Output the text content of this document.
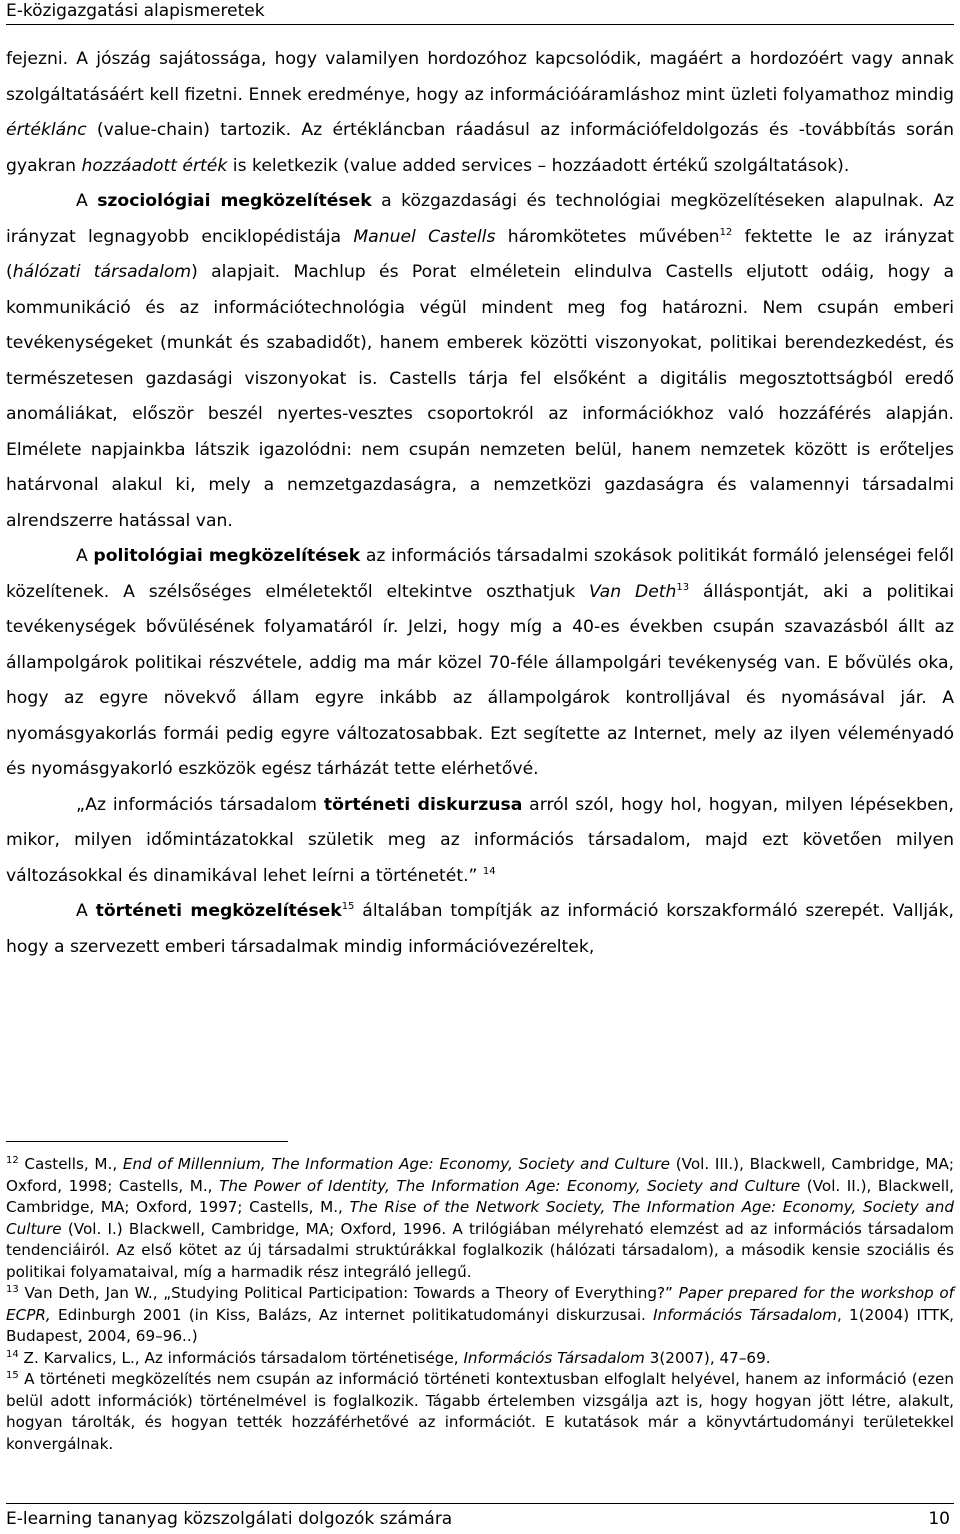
E-közigazgatási alapismeretek

fejezni. A jószág sajátossága, hogy valamilyen hordozóhoz kapcsolódik, magáért a hordozóért vagy annak szolgáltatásáért kell fizetni. Ennek eredménye, hogy az információáramláshoz mint üzleti folyamathoz mindig értéklánc (value-chain) tartozik. Az értékláncban ráadásul az információfeldolgozás és -továbbítás során gyakran hozzáadott érték is keletkezik (value added services – hozzáadott értékű szolgáltatások).

A szociológiai megközelítések a közgazdasági és technológiai megközelítéseken alapulnak. Az irányzat legnagyobb enciklopédistája Manuel Castells háromkötetes művében$^{12}$ fektette le az irányzat (hálózati társadalom) alapjait. Machlup és Porat elméletein elindulva Castells eljutott odáig, hogy a kommunikáció és az információtechnológia végül mindent meg fog határozni. Nem csupán emberi tevékenységeket (munkát és szabadidőt), hanem emberek közötti viszonyokat, politikai berendezkedést, és természetesen gazdasági viszonyokat is. Castells tárja fel elsőként a digitális megosztottságból eredő anomáliákat, először beszél nyertes-vesztes csoportokról az információkhoz való hozzáférés alapján. Elmélete napjainkba látszik igazolódni: nem csupán nemzeten belül, hanem nemzetek között is erőteljes határvonal alakul ki, mely a nemzetgazdaságra, a nemzetközi gazdaságra és valamennyi társadalmi alrendszerre hatással van.

A politológiai megközelítések az információs társadalmi szokások politikát formáló jelenségei felől közelítenek. A szélsőséges elméletektől eltekintve oszthatjuk Van Deth$^{13}$ álláspontját, aki a politikai tevékenységek bővülésének folyamatáról ír. Jelzi, hogy míg a 40-es években csupán szavazásból állt az állampolgárok politikai részvétele, addig ma már közel 70-féle állampolgári tevékenység van. E bővülés oka, hogy az egyre növekvő állam egyre inkább az állampolgárok kontrolljával és nyomásával jár. A nyomásgyakorlás formái pedig egyre változatosabbak. Ezt segítette az Internet, mely az ilyen véleményadó és nyomásgyakorló eszközök egész tárházát tette elérhetővé.

„Az információs társadalom történeti diskurzusa arról szól, hogy hol, hogyan, milyen lépésekben, mikor, milyen időmintázatokkal születik meg az információs társadalom, majd ezt követően milyen változásokkal és dinamikával lehet leírni a történetét.” $^{14}$

A történeti megközelítések$^{15}$ általában tompítják az információ korszakformáló szerepét. Vallják, hogy a szervezett emberi társadalmak mindig információvezéreltek,

$^{12}$ Castells, M., End of Millennium, The Information Age: Economy, Society and Culture (Vol. III.), Blackwell, Cambridge, MA; Oxford, 1998; Castells, M., The Power of Identity, The Information Age: Economy, Society and Culture (Vol. II.), Blackwell, Cambridge, MA; Oxford, 1997; Castells, M., The Rise of the Network Society, The Information Age: Economy, Society and Culture (Vol. I.) Blackwell, Cambridge, MA; Oxford, 1996. A trilógiában mélyreható elemzést ad az információs társadalom tendenciáiról. Az első kötet az új társadalmi struktúrákkal foglalkozik (hálózati társadalom), a második kensie szociális és politikai folyamataival, míg a harmadik rész integráló jellegű.

$^{13}$ Van Deth, Jan W., „Studying Political Participation: Towards a Theory of Everything?” Paper prepared for the workshop of ECPR, Edinburgh 2001 (in Kiss, Balázs, Az internet politikatudományi diskurzusai. Információs Társadalom, 1(2004) ITTK, Budapest, 2004, 69–96..)

$^{14}$ Z. Karvalics, L., Az információs társadalom történetisége, Információs Társadalom 3(2007), 47–69.

$^{15}$ A történeti megközelítés nem csupán az információ történeti kontextusban elfoglalt helyével, hanem az információ (ezen belül adott információk) történelmével is foglalkozik. Tágabb értelemben vizsgálja azt is, hogy hogyan jött létre, alakult, hogyan tárolták, és hogyan tették hozzáférhetővé az információt. E kutatások már a könyvtártudományi területekkel konvergálnak.

E-learning tananyag közszolgálati dolgozók számára	10
